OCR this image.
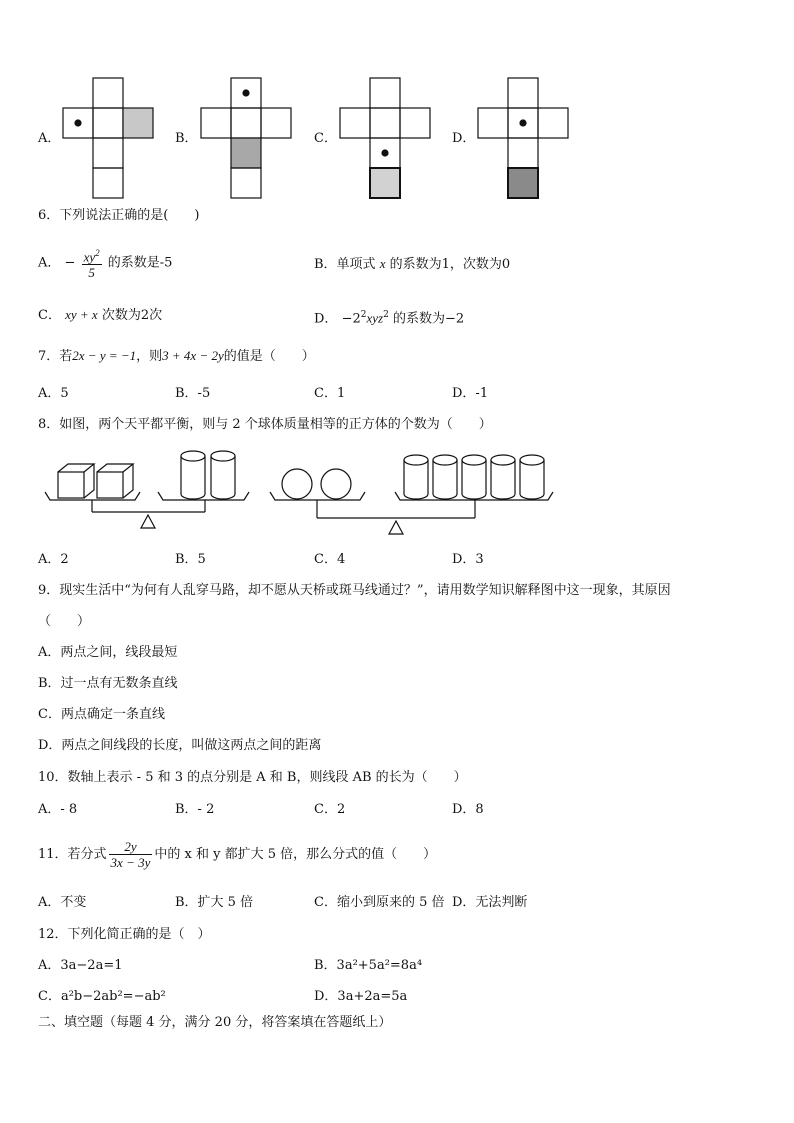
A．	B．	C．	D．
6．下列说法正确的是(　　)
A． − $\frac{xy^2}{5}$ 的系数是-5	B．单项式 x 的系数为1，次数为0
C． xy + x 次数为2次	D． $-2^2xyz^2$ 的系数为−2
7．若2x − y = −1，则3 + 4x − 2y的值是（　　）
A．5	B．-5	C．1	D．-1
8．如图，两个天平都平衡，则与 2 个球体质量相等的正方体的个数为（　　）
A．2	B．5	C．4	D．3
9．现实生活中“为何有人乱穿马路，却不愿从天桥或斑马线通过？”，请用数学知识解释图中这一现象，其原因
（　　）
A．两点之间，线段最短
B．过一点有无数条直线
C．两点确定一条直线
D．两点之间线段的长度，叫做这两点之间的距离
10．数轴上表示 - 5 和 3 的点分别是 A 和 B，则线段 AB 的长为（　　）
A．- 8	B．- 2	C．2	D．8
11．若分式 $\frac{2y}{3x - 3y}$ 中的 x 和 y 都扩大 5 倍，那么分式的值（　　）
A．不变	B．扩大 5 倍	C．缩小到原来的 5 倍 D．无法判断
12．下列化简正确的是（　）
A．3a−2a=1	B．3a²+5a²=8a⁴
C．a²b−2ab²=−ab²	D．3a+2a=5a
二、填空题（每题 4 分，满分 20 分，将答案填在答题纸上）
